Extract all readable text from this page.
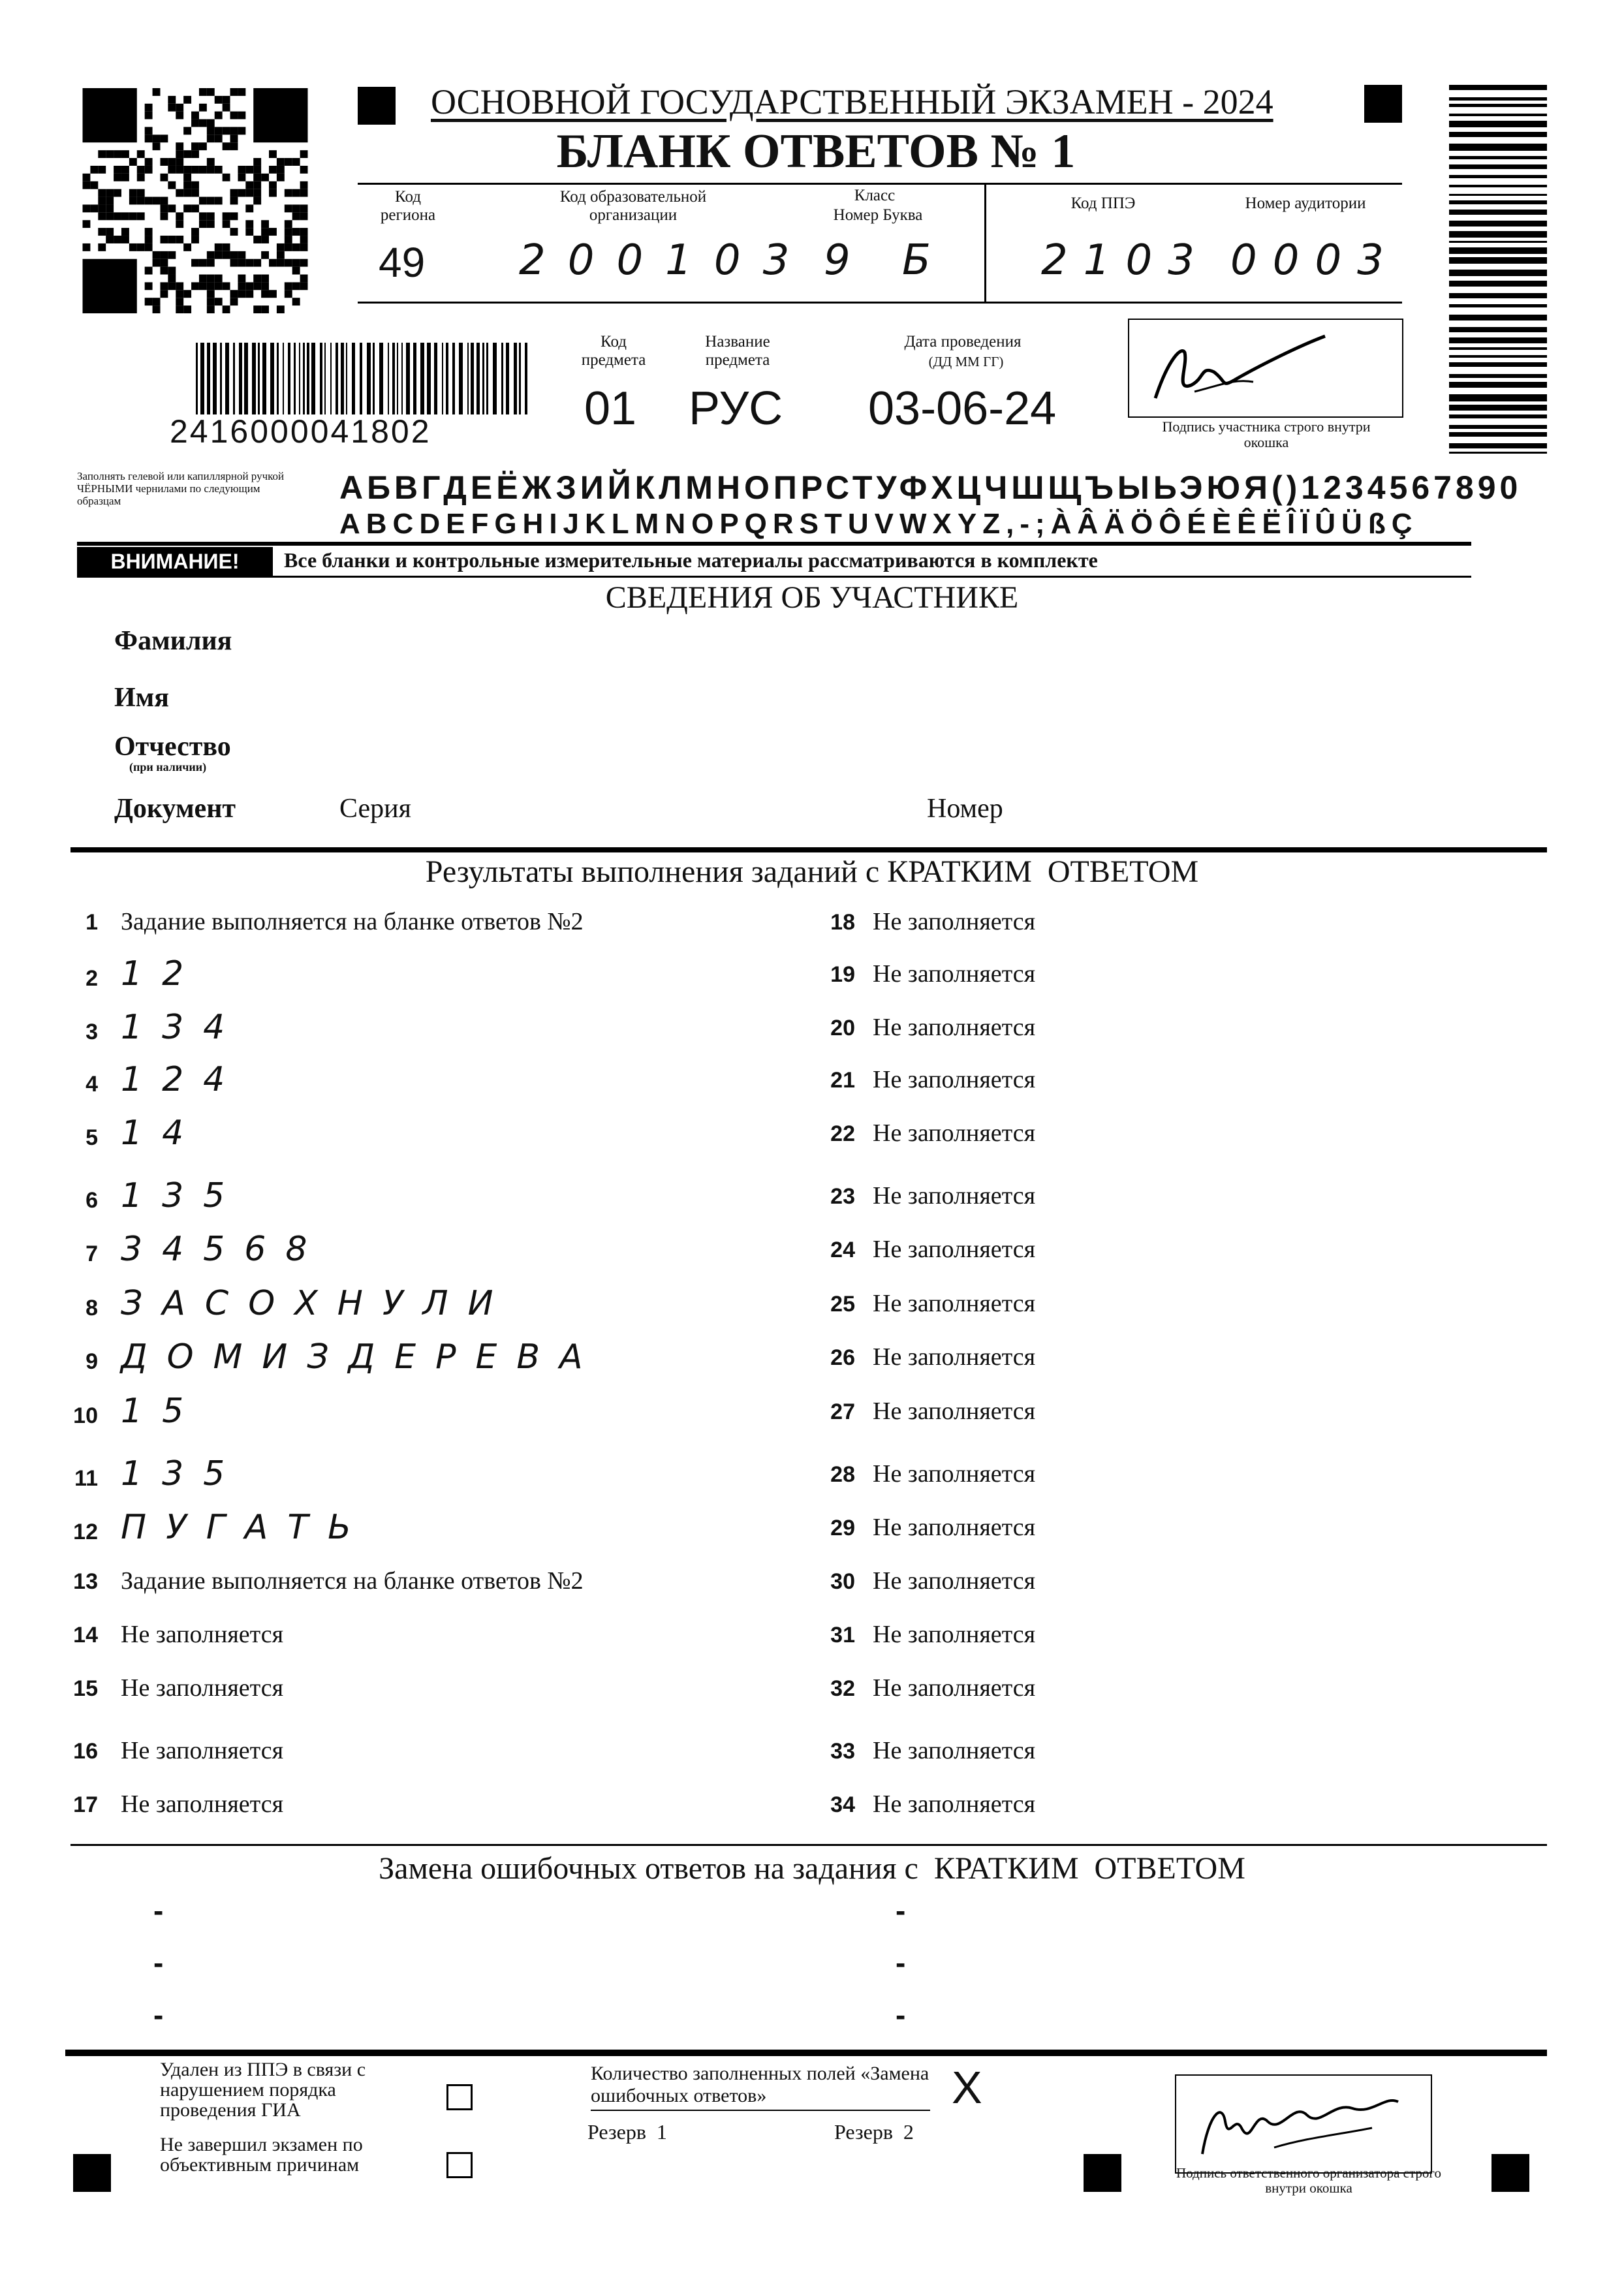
ОСНОВНОЙ ГОСУДАРСТВЕННЫЙ ЭКЗАМЕН - 2024
БЛАНК ОТВЕТОВ № 1
Код региона
49
Код образовательной организации
200103
Класс
Номер Буква
9 Б
Код ППЭ
2103
Номер аудитории
0003
2416000041802
Код предмета
01
Название предмета
РУС
Дата проведения
(ДД ММ ГГ)
03-06-24	Подпись участника строго внутри окошка
Заполнять гелевой или капиллярной ручкой ЧЁРНЫМИ чернилами по следующим образцам	АБВГДЕЁЖЗИЙКЛМНОПРСТУФХЦЧШЩЪЫЬЭЮЯ()1234567890
ABCDEFGHIJKLMNOPQRSTUVWXYZ,-;ÀÂÄÖÔÉÈÊËÎÏÛÜßÇ
ВНИМАНИЕ!	Все бланки и контрольные измерительные материалы рассматриваются в комплекте
СВЕДЕНИЯ ОБ УЧАСТНИКЕ
Фамилия
Имя
Отчество
(при наличии)
Документ	Серия	Номер
Результаты выполнения заданий с КРАТКИМ  ОТВЕТОМ
1 Задание выполняется на бланке ответов №2
2 12
3 134
4 124
5 14
6 135
7 34568
8 ЗАСОХНУЛИ
9 ДОМИЗДЕРЕВА
10 15
11 135
12 ПУГАТЬ
13 Задание выполняется на бланке ответов №2
14 Не заполняется
15 Не заполняется
16 Не заполняется
17 Не заполняется
18 Не заполняется
19 Не заполняется
20 Не заполняется
21 Не заполняется
22 Не заполняется
23 Не заполняется
24 Не заполняется
25 Не заполняется
26 Не заполняется
27 Не заполняется
28 Не заполняется
29 Не заполняется
30 Не заполняется
31 Не заполняется
32 Не заполняется
33 Не заполняется
34 Не заполняется
Замена ошибочных ответов на задания с  КРАТКИМ  ОТВЕТОМ
-	-
-	-
-	-
Удален из ППЭ в связи с нарушением порядка проведения ГИА
Не завершил экзамен по объективным причинам
Количество заполненных полей «Замена ошибочных ответов»	X
Резерв  1	Резерв  2
Подпись ответственного организатора строго внутри окошка
